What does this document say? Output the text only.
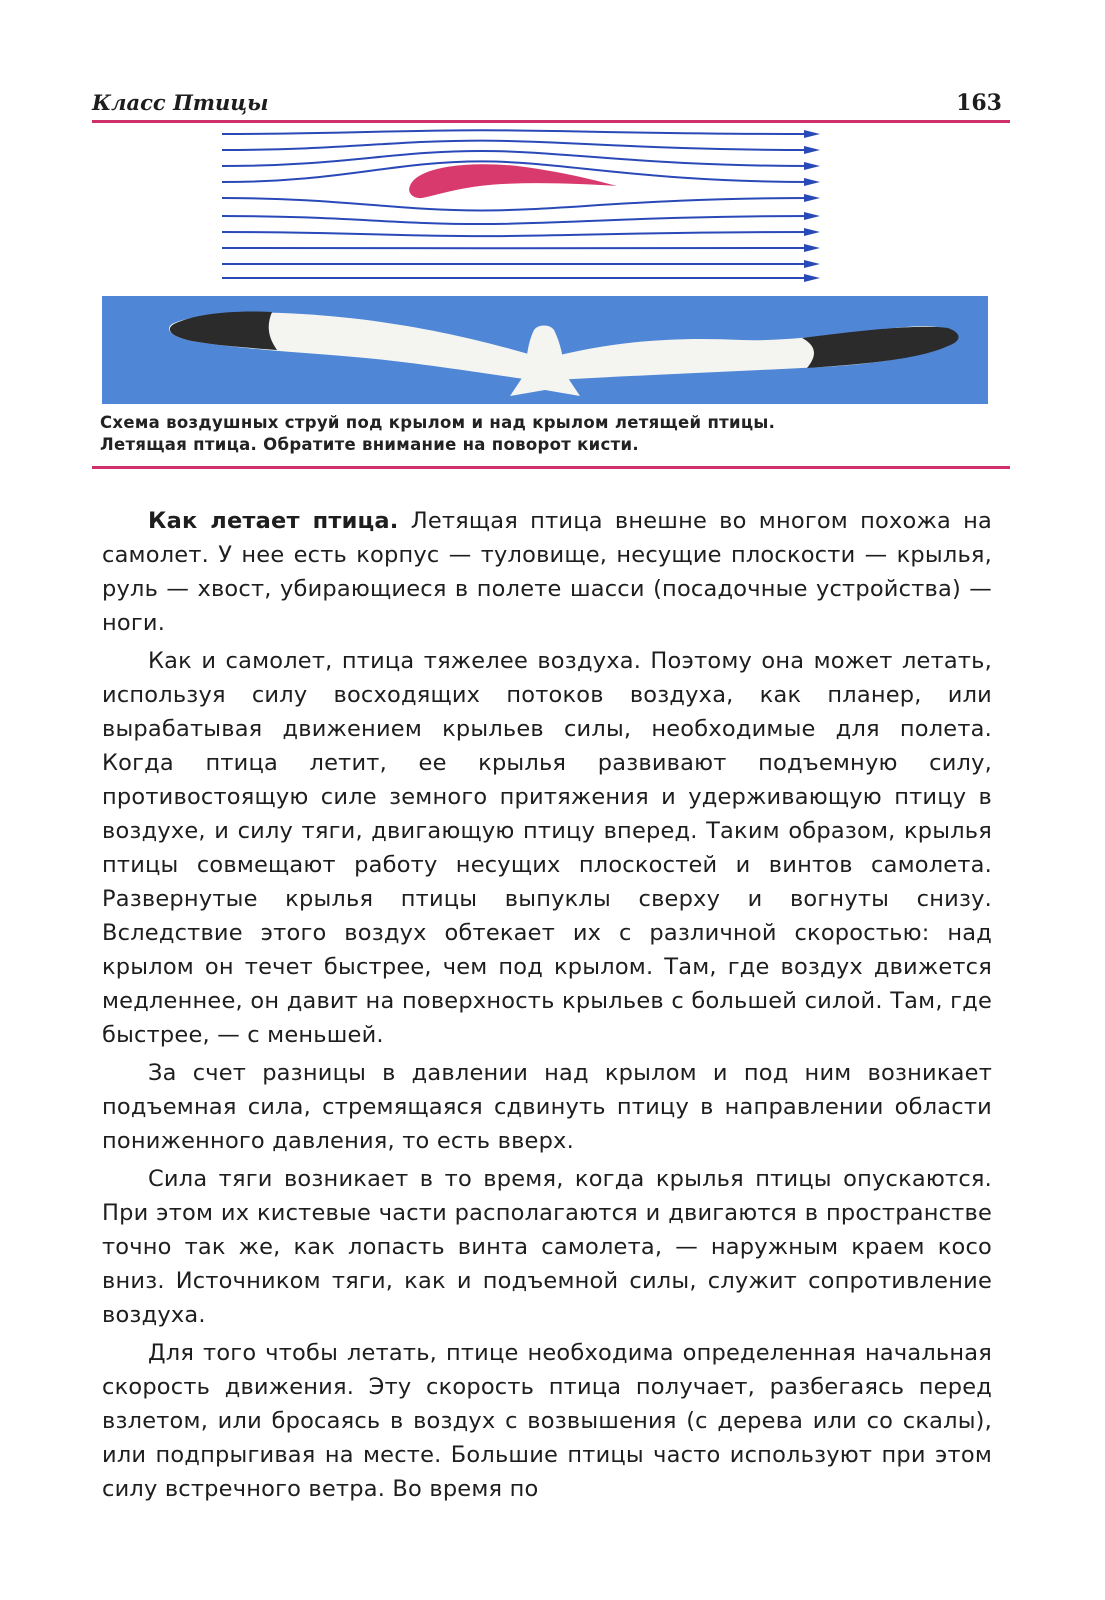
Класс Птицы	163
Схема воздушных струй под крылом и над крылом летящей птицы.
Летящая птица. Обратите внимание на поворот кисти.

Как летает птица. Летящая птица внешне во многом похожа на самолет. У нее есть корпус — туловище, несущие плоскости — крылья, руль — хвост, убирающиеся в полете шасси (посадочные устройства) — ноги.

Как и самолет, птица тяжелее воздуха. Поэтому она может летать, используя силу восходящих потоков воздуха, как планер, или вырабатывая движением крыльев силы, необходимые для полета. Когда птица летит, ее крылья развивают подъемную силу, противостоящую силе земного притяжения и удерживающую птицу в воздухе, и силу тяги, двигающую птицу вперед. Таким образом, крылья птицы совмещают работу несущих плоскостей и винтов самолета. Развернутые крылья птицы выпуклы сверху и вогнуты снизу. Вследствие этого воздух обтекает их с различной скоростью: над крылом он течет быстрее, чем под крылом. Там, где воздух движется медленнее, он давит на поверхность крыльев с большей силой. Там, где быстрее, — с меньшей.

За счет разницы в давлении над крылом и под ним возникает подъемная сила, стремящаяся сдвинуть птицу в направлении области пониженного давления, то есть вверх.

Сила тяги возникает в то время, когда крылья птицы опускаются. При этом их кистевые части располагаются и двигаются в пространстве точно так же, как лопасть винта самолета, — наружным краем косо вниз. Источником тяги, как и подъемной силы, служит сопротивление воздуха.

Для того чтобы летать, птице необходима определенная начальная скорость движения. Эту скорость птица получает, разбегаясь перед взлетом, или бросаясь в воздух с возвышения (с дерева или со скалы), или подпрыгивая на месте. Большие птицы часто используют при этом силу встречного ветра. Во время по
